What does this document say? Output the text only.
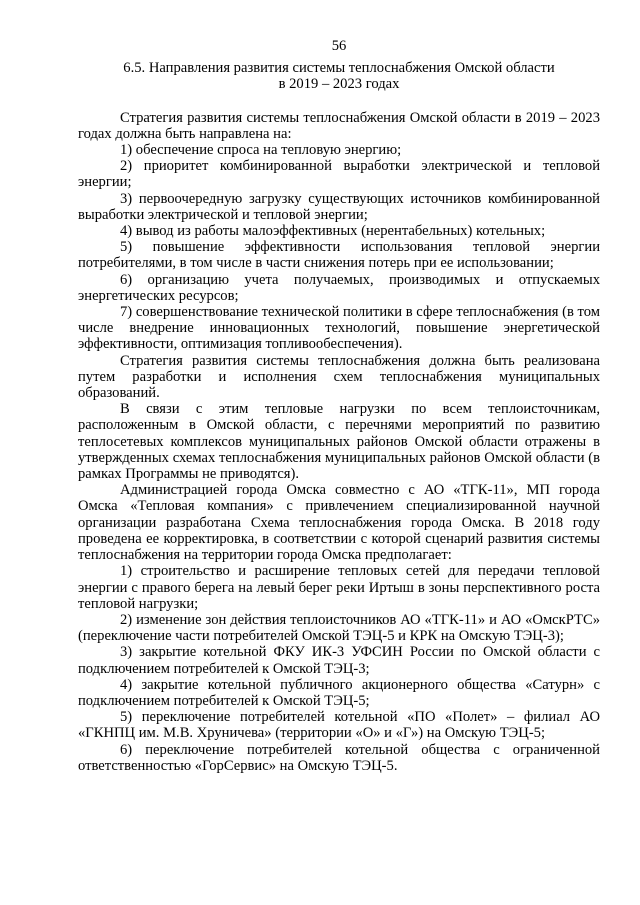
56
6.5. Направления развития системы теплоснабжения Омской области
в 2019 – 2023 годах

Стратегия развития системы теплоснабжения Омской области в 2019 – 2023 годах должна быть направлена на:

1) обеспечение спроса на тепловую энергию;

2) приоритет комбинированной выработки электрической и тепловой энергии;

3) первоочередную загрузку существующих источников комбинированной выработки электрической и тепловой энергии;

4) вывод из работы малоэффективных (нерентабельных) котельных;

5) повышение эффективности использования тепловой энергии потребителями, в том числе в части снижения потерь при ее использовании;

6) организацию учета получаемых, производимых и отпускаемых энергетических ресурсов;

7) совершенствование технической политики в сфере теплоснабжения (в том числе внедрение инновационных технологий, повышение энергетической эффективности, оптимизация топливообеспечения).

Стратегия развития системы теплоснабжения должна быть реализована путем разработки и исполнения схем теплоснабжения муниципальных образований.

В связи с этим тепловые нагрузки по всем теплоисточникам, расположенным в Омской области, с перечнями мероприятий по развитию теплосетевых комплексов муниципальных районов Омской области отражены в утвержденных схемах теплоснабжения муниципальных районов Омской области (в рамках Программы не приводятся).

Администрацией города Омска совместно с АО «ТГК-11», МП города Омска «Тепловая компания» с привлечением специализированной научной организации разработана Схема теплоснабжения города Омска. В 2018 году проведена ее корректировка, в соответствии с которой сценарий развития системы теплоснабжения на территории города Омска предполагает:

1) строительство и расширение тепловых сетей для передачи тепловой энергии с правого берега на левый берег реки Иртыш в зоны перспективного роста тепловой нагрузки;

2) изменение зон действия теплоисточников АО «ТГК-11» и АО «ОмскРТС» (переключение части потребителей Омской ТЭЦ-5 и КРК на Омскую ТЭЦ-3);

3) закрытие котельной ФКУ ИК-3 УФСИН России по Омской области с подключением потребителей к Омской ТЭЦ-3;

4) закрытие котельной публичного акционерного общества «Сатурн» с подключением потребителей к Омской ТЭЦ-5;

5) переключение потребителей котельной «ПО «Полет» – филиал АО «ГКНПЦ им. М.В. Хруничева» (территории «О» и «Г») на Омскую ТЭЦ-5;

6) переключение потребителей котельной общества с ограниченной ответственностью «ГорСервис» на Омскую ТЭЦ-5.
